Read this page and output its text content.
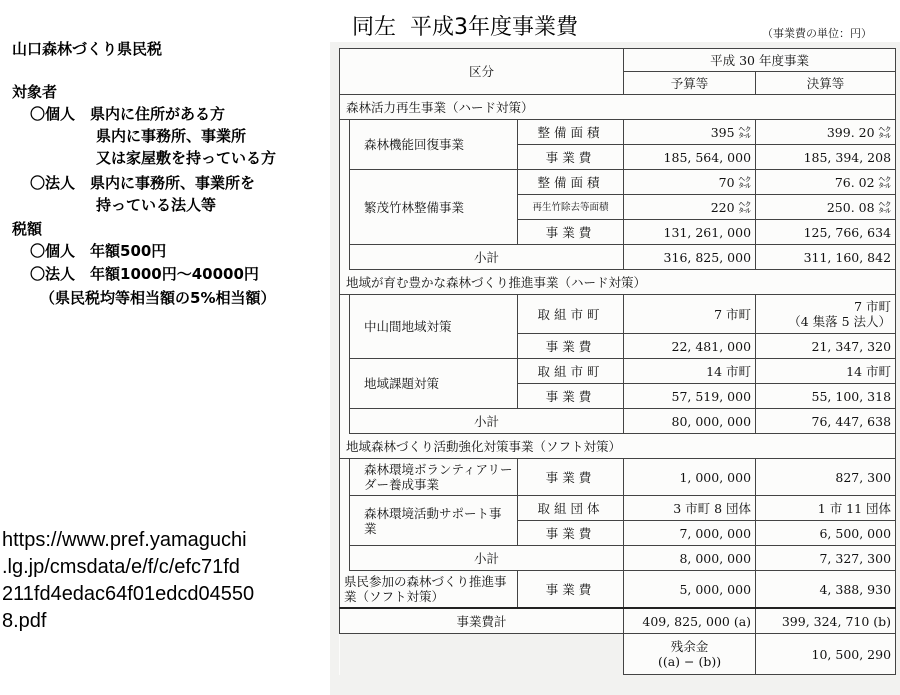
山口森林づくり県民税
対象者
〇個人　県内に住所がある方
県内に事務所、事業所
又は家屋敷を持っている方
〇法人　県内に事務所、事業所を
持っている法人等
税額
〇個人　年額500円
〇法人　年額1000円～40000円
（県民税均等相当額の5%相当額）
https://www.pref.yamaguchi
.lg.jp/cmsdata/e/f/c/efc71fd
211fd4edac64f01edcd04550
8.pdf
同左 平成3年度事業費	（事業費の単位：円）
区分			平成 30 年度事業	
			予算等	決算等
森林活力再生事業（ハード対策）				
	森林機能回復事業	整備面積	395 ㌶	399. 20 ㌶
		事業費	185, 564, 000	185, 394, 208
	繁茂竹林整備事業	整備面積	70 ㌶	76. 02 ㌶
		再生竹除去等面積	220 ㌶	250. 08 ㌶
		事業費	131, 261, 000	125, 766, 634
	小計		316, 825, 000	311, 160, 842
地域が育む豊かな森林づくり推進事業（ハード対策）				
	中山間地域対策	取組市町	7 市町	7 市町
（4 集落 5 法人）

		事業費	22, 481, 000	21, 347, 320
	地域課題対策	取組市町	14 市町	14 市町
		事業費	57, 519, 000	55, 100, 318
	小計		80, 000, 000	76, 447, 638
地域森林づくり活動強化対策事業（ソフト対策）				
	森林環境ボランティアリーダー養成事業	事業費	1, 000, 000	827, 300
	森林環境活動サポート事業	取組団体	3 市町 8 団体	1 市 11 団体
		事業費	7, 000, 000	6, 500, 000
	小計		8, 000, 000	7, 327, 300
県民参加の森林づくり推進事業（ソフト対策）		事業費	5, 000, 000	4, 388, 930
事業費計			409, 825, 000 (a)	399, 324, 710 (b)

			残余金
((a) − (b))	10, 500, 290
